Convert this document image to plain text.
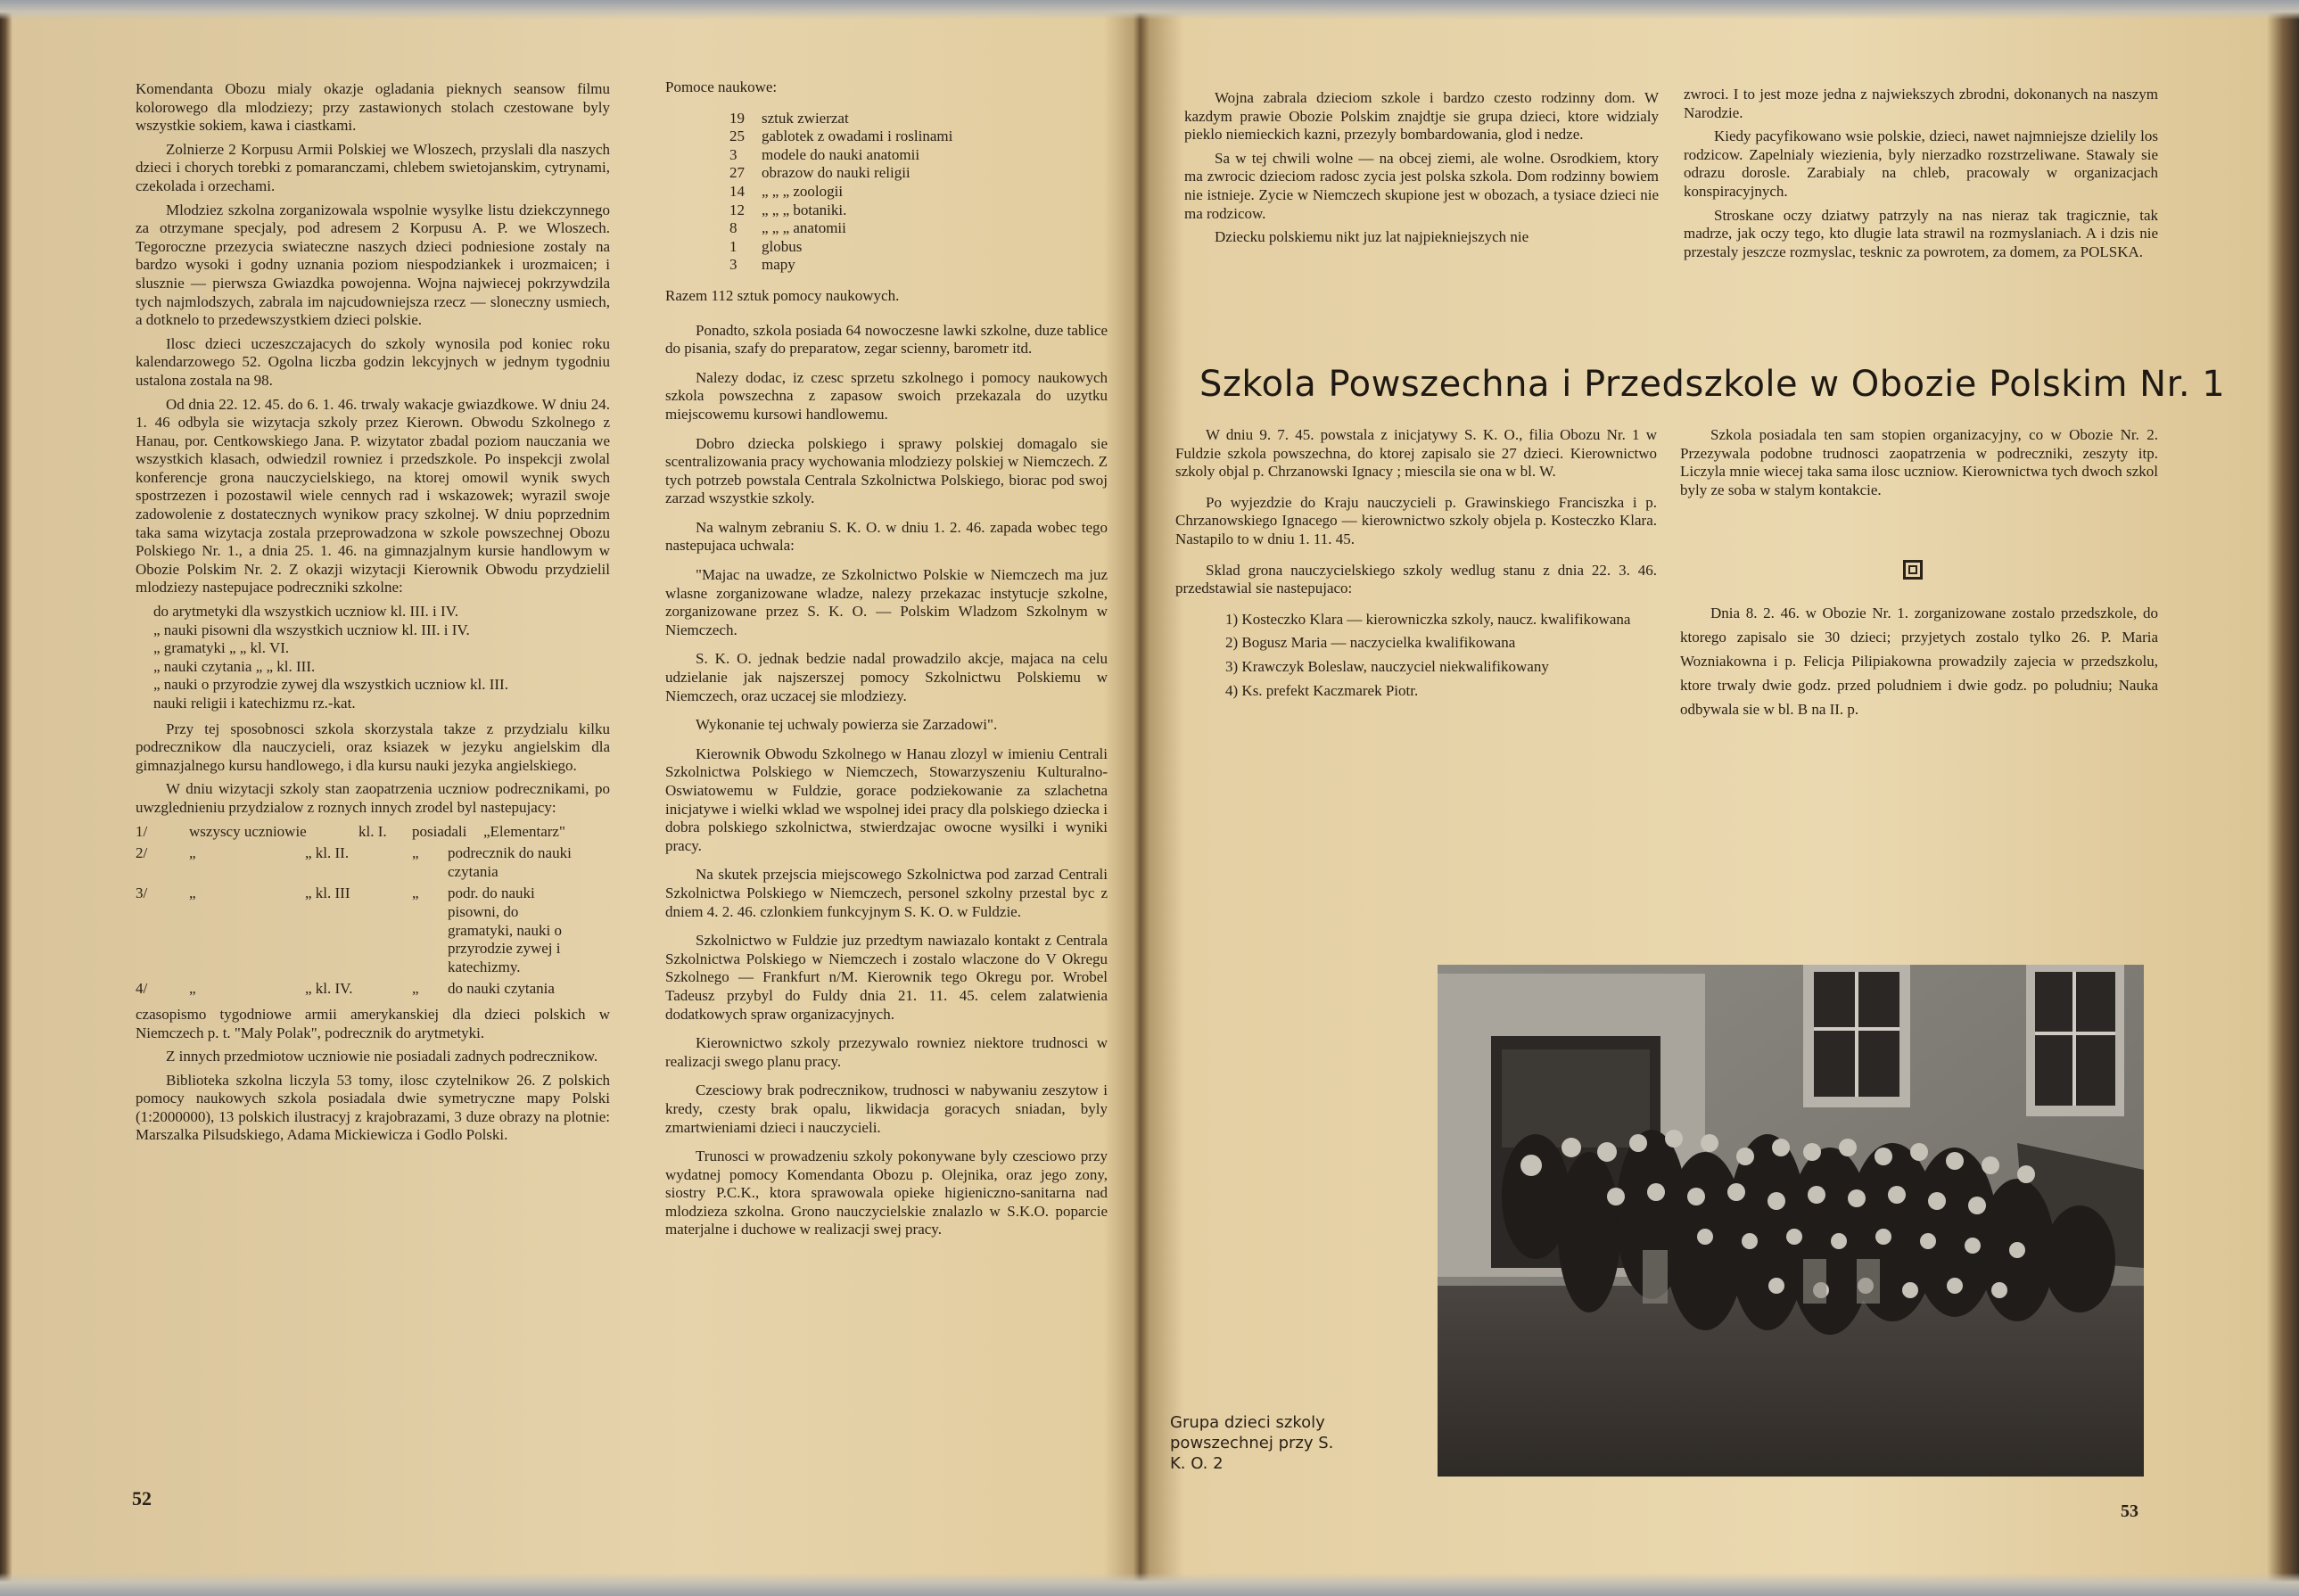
Komendanta Obozu mialy okazje ogladania pieknych seansow filmu kolorowego dla mlodziezy; przy zastawionych stolach czestowane byly wszystkie sokiem, kawa i ciastkami.

Zolnierze 2 Korpusu Armii Polskiej we Wloszech, przyslali dla naszych dzieci i chorych torebki z pomaranczami, chlebem swietojanskim, cytrynami, czekolada i orzechami.

Mlodziez szkolna zorganizowala wspolnie wysylke listu dziekczynnego za otrzymane specjaly, pod adresem 2 Korpusu A. P. we Wloszech. Tegoroczne przezycia swiateczne naszych dzieci podniesione zostaly na bardzo wysoki i godny uznania poziom niespodziankek i urozmaicen; i slusznie — pierwsza Gwiazdka powojenna. Wojna najwiecej pokrzywdzila tych najmlodszych, zabrala im najcudowniejsza rzecz — sloneczny usmiech, a dotknelo to przedewszystkiem dzieci polskie.

Ilosc dzieci uczeszczajacych do szkoly wynosila pod koniec roku kalendarzowego 52. Ogolna liczba godzin lekcyjnych w jednym tygodniu ustalona zostala na 98.

Od dnia 22. 12. 45. do 6. 1. 46. trwaly wakacje gwiazdkowe. W dniu 24. 1. 46 odbyla sie wizytacja szkoly przez Kierown. Obwodu Szkolnego z Hanau, por. Centkowskiego Jana. P. wizytator zbadal poziom nauczania we wszystkich klasach, odwiedzil rowniez i przedszkole. Po inspekcji zwolal konferencje grona nauczycielskiego, na ktorej omowil wynik swych spostrzezen i pozostawil wiele cennych rad i wskazowek; wyrazil swoje zadowolenie z dostatecznych wynikow pracy szkolnej. W dniu poprzednim taka sama wizytacja zostala przeprowadzona w szkole powszechnej Obozu Polskiego Nr. 1., a dnia 25. 1. 46. na gimnazjalnym kursie handlowym w Obozie Polskim Nr. 2. Z okazji wizytacji Kierownik Obwodu przydzielil mlodziezy nastepujace podreczniki szkolne:

do arytmetyki dla wszystkich uczniow kl. III. i IV.
„ nauki pisowni dla wszystkich uczniow kl. III. i IV.
„ gramatyki „ „ kl. VI.
„ nauki czytania „ „ kl. III.
„ nauki o przyrodzie zywej dla wszystkich uczniow kl. III.
nauki religii i katechizmu rz.-kat.

Przy tej sposobnosci szkola skorzystala takze z przydzialu kilku podrecznikow dla nauczycieli, oraz ksiazek w jezyku angielskim dla gimnazjalnego kursu handlowego, i dla kursu nauki jezyka angielskiego.

W dniu wizytacji szkoly stan zaopatrzenia uczniow podrecznikami, po uwzglednieniu przydzialow z roznych innych zrodel byl nastepujacy:

1/	wszyscy uczniowie	kl. I.	posiadali	„Elementarz"
2/	„	„ kl. II.	„	podrecznik do nauki czytania
3/	„	„ kl. III	„	podr. do nauki pisowni, do gramatyki, nauki o przyrodzie zywej i katechizmy.
4/	„	„ kl. IV.	„	do nauki czytania

czasopismo tygodniowe armii amerykanskiej dla dzieci polskich w Niemczech p. t. "Maly Polak", podrecznik do arytmetyki.

Z innych przedmiotow uczniowie nie posiadali zadnych podrecznikow.

Biblioteka szkolna liczyla 53 tomy, ilosc czytelnikow 26. Z polskich pomocy naukowych szkola posiadala dwie symetryczne mapy Polski (1:2000000), 13 polskich ilustracyj z krajobrazami, 3 duze obrazy na plotnie: Marszalka Pilsudskiego, Adama Mickiewicza i Godlo Polski.

Pomoce naukowe:

19	sztuk zwierzat
25	gablotek z owadami i roslinami
3	modele do nauki anatomii
27	obrazow do nauki religii
14	„ „ „ zoologii
12	„ „ „ botaniki.
8	„ „ „ anatomii
1	globus
3	mapy

Razem 112 sztuk pomocy naukowych.

Ponadto, szkola posiada 64 nowoczesne lawki szkolne, duze tablice do pisania, szafy do preparatow, zegar scienny, barometr itd.

Nalezy dodac, iz czesc sprzetu szkolnego i pomocy naukowych szkola powszechna z zapasow swoich przekazala do uzytku miejscowemu kursowi handlowemu.

Dobro dziecka polskiego i sprawy polskiej domagalo sie scentralizowania pracy wychowania mlodziezy polskiej w Niemczech. Z tych potrzeb powstala Centrala Szkolnictwa Polskiego, biorac pod swoj zarzad wszystkie szkoly.

Na walnym zebraniu S. K. O. w dniu 1. 2. 46. zapada wobec tego nastepujaca uchwala:

"Majac na uwadze, ze Szkolnictwo Polskie w Niemczech ma juz wlasne zorganizowane wladze, nalezy przekazac instytucje szkolne, zorganizowane przez S. K. O. — Polskim Wladzom Szkolnym w Niemczech.

S. K. O. jednak bedzie nadal prowadzilo akcje, majaca na celu udzielanie jak najszerszej pomocy Szkolnictwu Polskiemu w Niemczech, oraz uczacej sie mlodziezy.

Wykonanie tej uchwaly powierza sie Zarzadowi".

Kierownik Obwodu Szkolnego w Hanau zlozyl w imieniu Centrali Szkolnictwa Polskiego w Niemczech, Stowarzyszeniu Kulturalno-Oswiatowemu w Fuldzie, gorace podziekowanie za szlachetna inicjatywe i wielki wklad we wspolnej idei pracy dla polskiego dziecka i dobra polskiego szkolnictwa, stwierdzajac owocne wysilki i wyniki pracy.

Na skutek przejscia miejscowego Szkolnictwa pod zarzad Centrali Szkolnictwa Polskiego w Niemczech, personel szkolny przestal byc z dniem 4. 2. 46. czlonkiem funkcyjnym S. K. O. w Fuldzie.

Szkolnictwo w Fuldzie juz przedtym nawiazalo kontakt z Centrala Szkolnictwa Polskiego w Niemczech i zostalo wlaczone do V Okregu Szkolnego — Frankfurt n/M. Kierownik tego Okregu por. Wrobel Tadeusz przybyl do Fuldy dnia 21. 11. 45. celem zalatwienia dodatkowych spraw organizacyjnych.

Kierownictwo szkoly przezywalo rowniez niektore trudnosci w realizacji swego planu pracy.

Czesciowy brak podrecznikow, trudnosci w nabywaniu zeszytow i kredy, czesty brak opalu, likwidacja goracych sniadan, byly zmartwieniami dzieci i nauczycieli.

Trunosci w prowadzeniu szkoly pokonywane byly czesciowo przy wydatnej pomocy Komendanta Obozu p. Olejnika, oraz jego zony, siostry P.C.K., ktora sprawowala opieke higieniczno-sanitarna nad mlodzieza szkolna. Grono nauczycielskie znalazlo w S.K.O. poparcie materjalne i duchowe w realizacji swej pracy.

52

Wojna zabrala dzieciom szkole i bardzo czesto rodzinny dom. W kazdym prawie Obozie Polskim znajdtje sie grupa dzieci, ktore widzialy pieklo niemieckich kazni, przezyly bombardowania, glod i nedze.

Sa w tej chwili wolne — na obcej ziemi, ale wolne. Osrodkiem, ktory ma zwrocic dzieciom radosc zycia jest polska szkola. Dom rodzinny bowiem nie istnieje. Zycie w Niemczech skupione jest w obozach, a tysiace dzieci nie ma rodzicow.

Dziecku polskiemu nikt juz lat najpiekniejszych nie

zwroci. I to jest moze jedna z najwiekszych zbrodni, dokonanych na naszym Narodzie.

Kiedy pacyfikowano wsie polskie, dzieci, nawet najmniejsze dzielily los rodzicow. Zapelnialy wiezienia, byly nierzadko rozstrzeliwane. Stawaly sie odrazu dorosle. Zarabialy na chleb, pracowaly w organizacjach konspiracyjnych.

Stroskane oczy dziatwy patrzyly na nas nieraz tak tragicznie, tak madrze, jak oczy tego, kto dlugie lata strawil na rozmyslaniach. A i dzis nie przestaly jeszcze rozmyslac, tesknic za powrotem, za domem, za POLSKA.

Szkola Powszechna i Przedszkole w Obozie Polskim Nr. 1

W dniu 9. 7. 45. powstala z inicjatywy S. K. O., filia Obozu Nr. 1 w Fuldzie szkola powszechna, do ktorej zapisalo sie 27 dzieci. Kierownictwo szkoly objal p. Chrzanowski Ignacy ; miescila sie ona w bl. W.

Po wyjezdzie do Kraju nauczycieli p. Grawinskiego Franciszka i p. Chrzanowskiego Ignacego — kierownictwo szkoly objela p. Kosteczko Klara. Nastapilo to w dniu 1. 11. 45.

Sklad grona nauczycielskiego szkoly wedlug stanu z dnia 22. 3. 46. przedstawial sie nastepujaco:

1) Kosteczko Klara — kierowniczka szkoly, naucz. kwalifikowana
2) Bogusz Maria — naczycielka kwalifikowana
3) Krawczyk Boleslaw, nauczyciel niekwalifikowany
4) Ks. prefekt Kaczmarek Piotr.

Szkola posiadala ten sam stopien organizacyjny, co w Obozie Nr. 2. Przezywala podobne trudnosci zaopatrzenia w podreczniki, zeszyty itp. Liczyla mnie wiecej taka sama ilosc uczniow. Kierownictwa tych dwoch szkol byly ze soba w stalym kontakcie.

Dnia 8. 2. 46. w Obozie Nr. 1. zorganizowane zostalo przedszkole, do ktorego zapisalo sie 30 dzieci; przyjetych zostalo tylko 26. P. Maria Wozniakowna i p. Felicja Pilipiakowna prowadzily zajecia w przedszkolu, ktore trwaly dwie godz. przed poludniem i dwie godz. po poludniu; Nauka odbywala sie w bl. B na II. p.

Grupa dzieci szkoly powszechnej przy S. K. O. 2
53
